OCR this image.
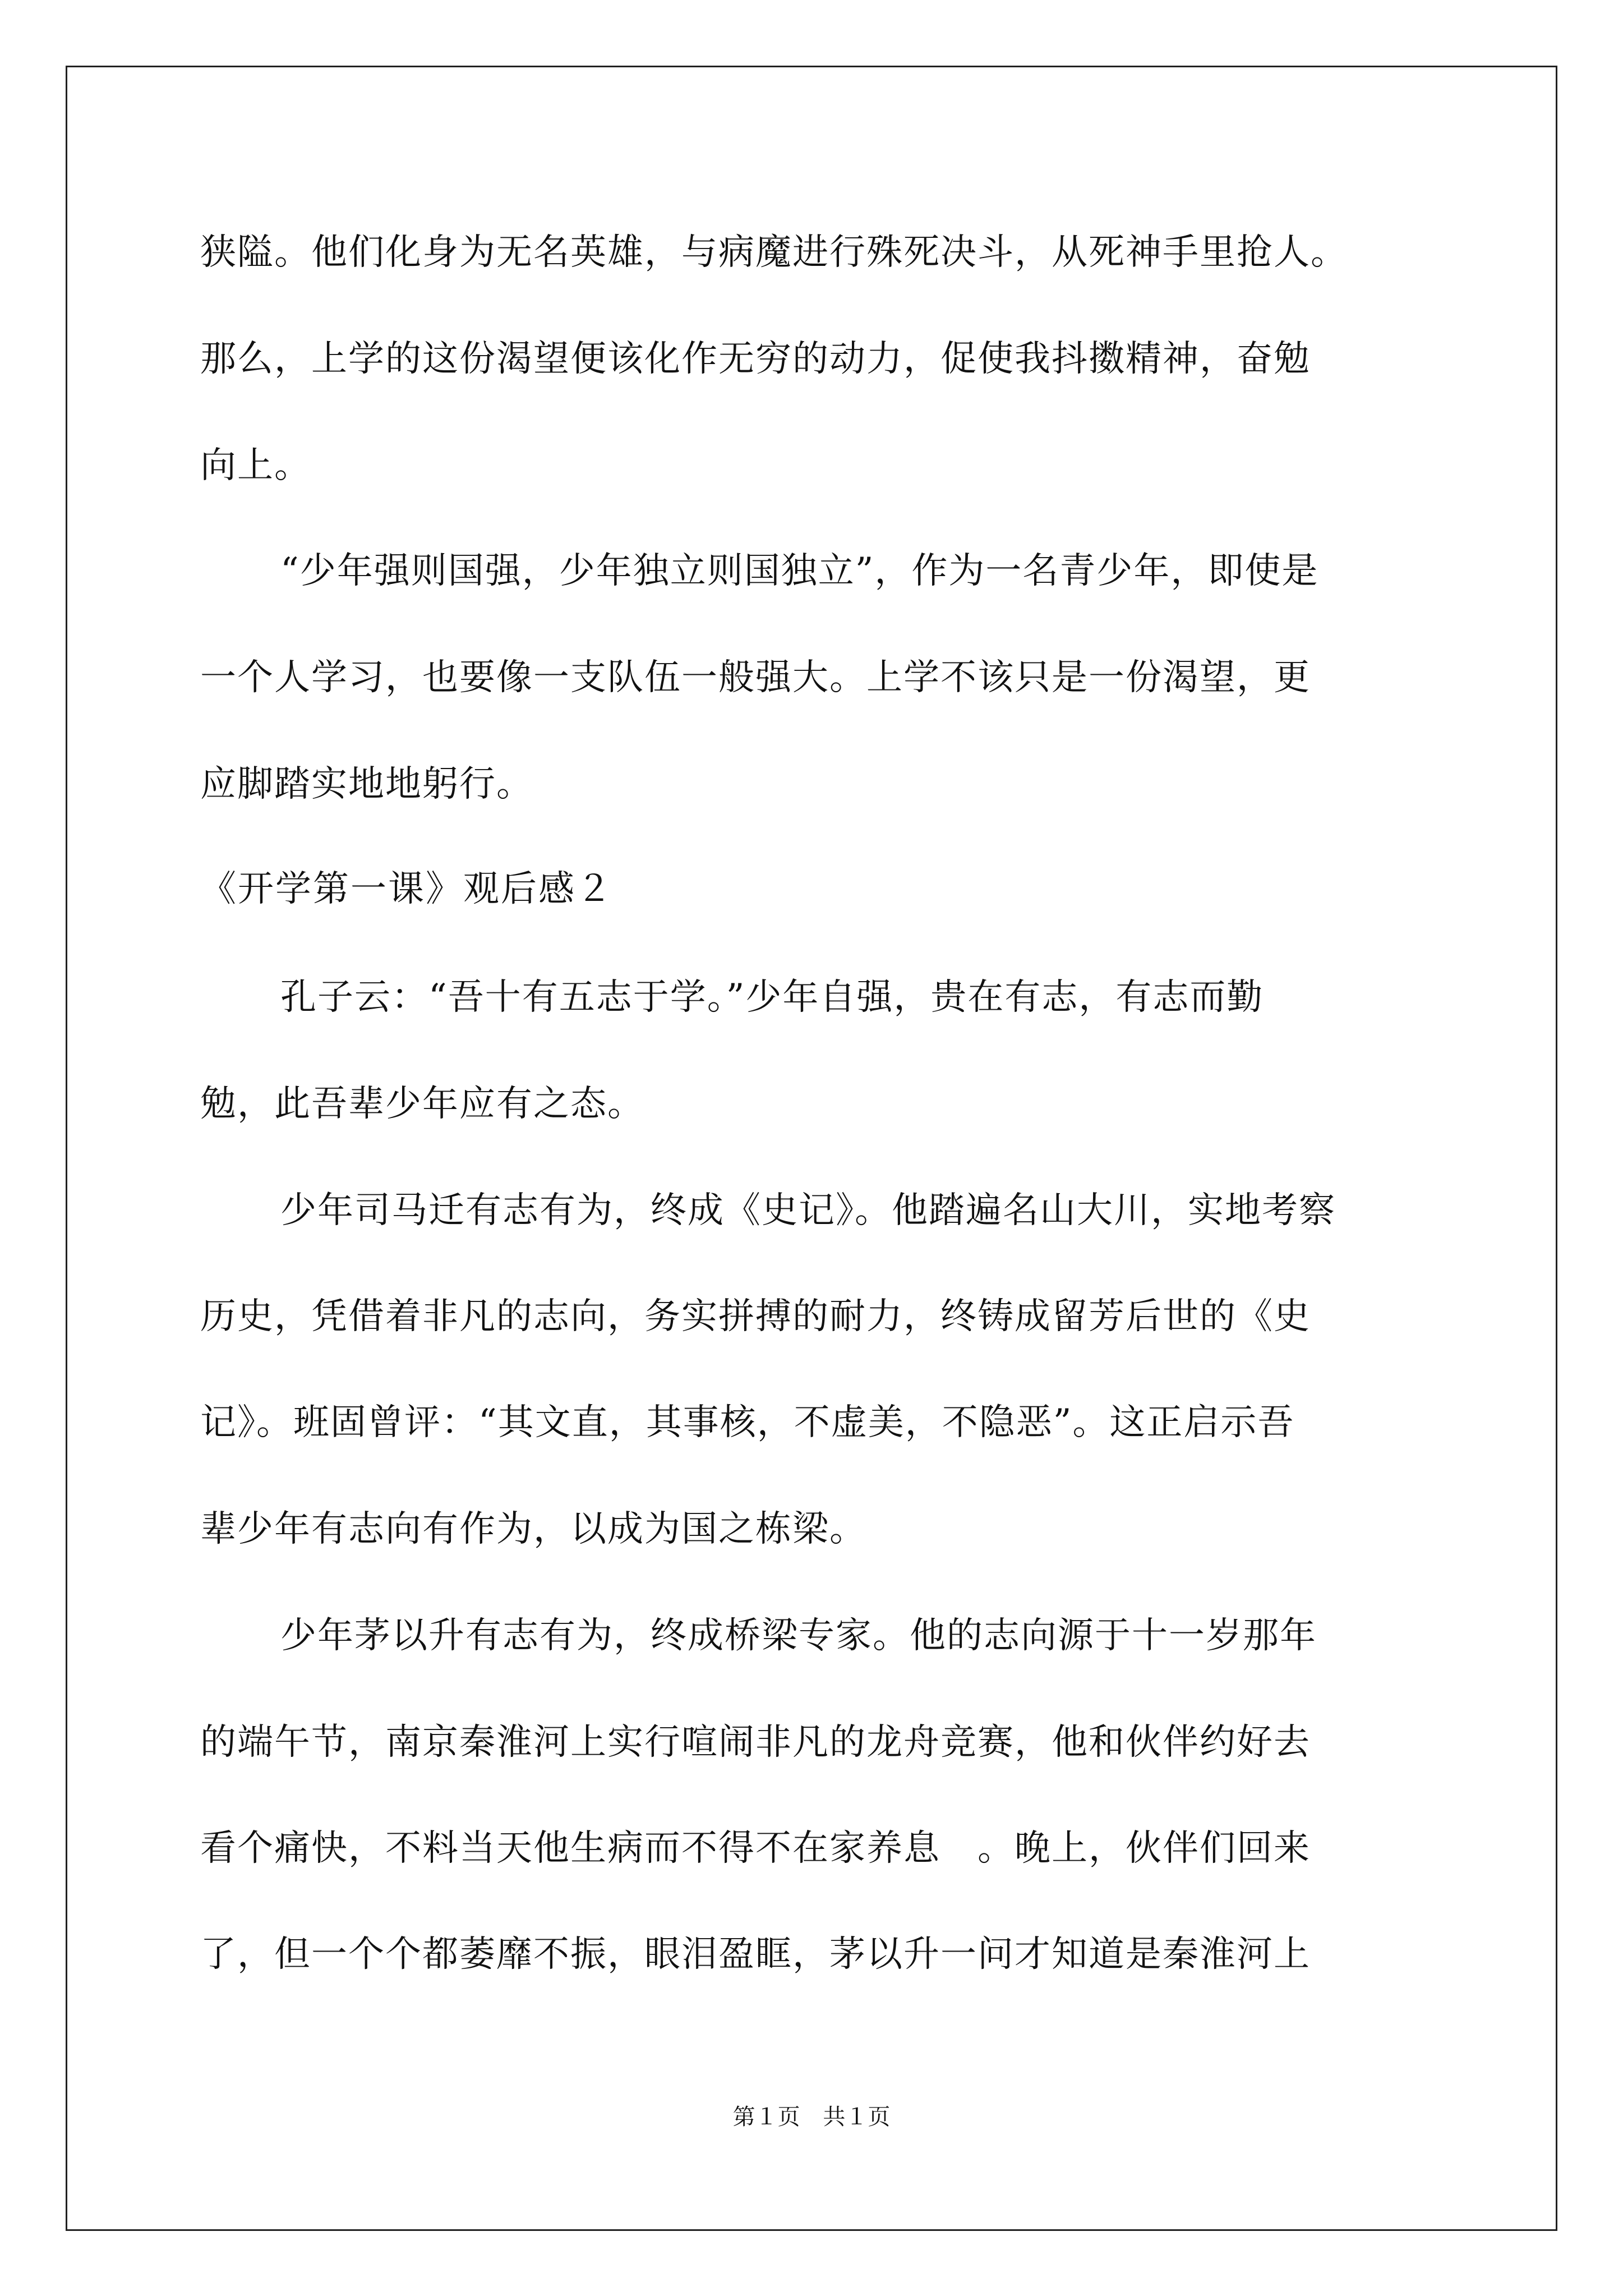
狭隘。他们化身为无名英雄，与病魔进行殊死决斗，从死神手里抢人。
那么，上学的这份渴望便该化作无穷的动力，促使我抖擞精神，奋勉
向上。
“少年强则国强，少年独立则国独立”，作为一名青少年，即使是
一个人学习，也要像一支队伍一般强大。上学不该只是一份渴望，更
应脚踏实地地躬行。
《开学第一课》观后感２
孔子云：“吾十有五志于学。”少年自强，贵在有志，有志而勤
勉，此吾辈少年应有之态。
少年司马迁有志有为，终成《史记》。他踏遍名山大川，实地考察
历史，凭借着非凡的志向，务实拼搏的耐力，终铸成留芳后世的《史
记》。班固曾评：“其文直，其事核，不虚美，不隐恶”。这正启示吾
辈少年有志向有作为，以成为国之栋梁。
少年茅以升有志有为，终成桥梁专家。他的志向源于十一岁那年
的端午节，南京秦淮河上实行喧闹非凡的龙舟竞赛，他和伙伴约好去
看个痛快，不料当天他生病而不得不在家养息　。晚上，伙伴们回来
了，但一个个都萎靡不振，眼泪盈眶，茅以升一问才知道是秦淮河上
第１页 共１页
